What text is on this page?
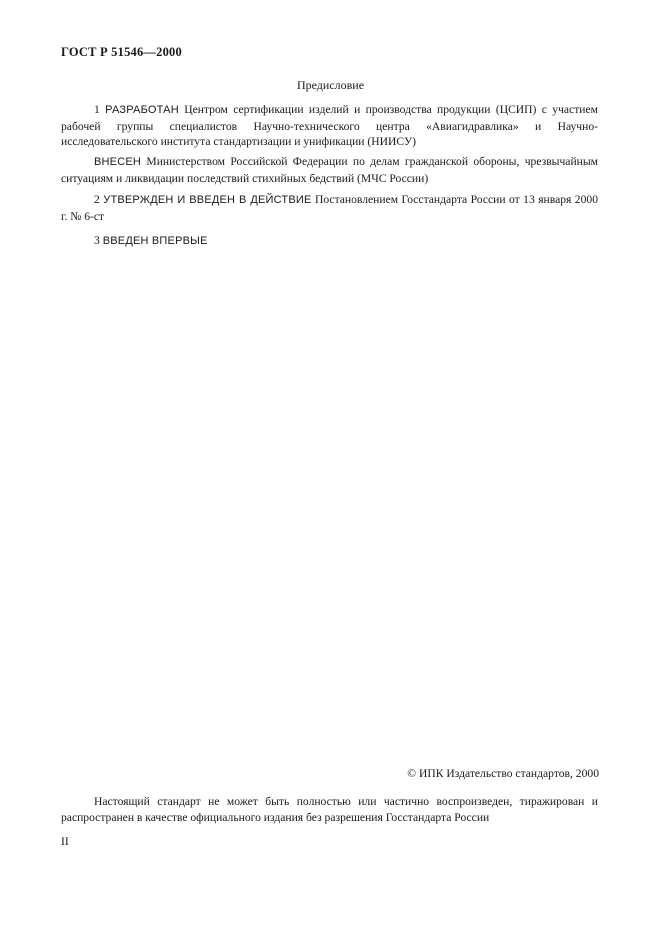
ГОСТ Р 51546—2000
Предисловие

1 РАЗРАБОТАН Центром сертификации изделий и производства продукции (ЦСИП) с участием рабочей группы специалистов Научно-технического центра «Авиагидравлика» и Научно-исследовательского института стандартизации и унификации (НИИСУ)

ВНЕСЕН Министерством Российской Федерации по делам гражданской обороны, чрезвычайным ситуациям и ликвидации последствий стихийных бедствий (МЧС России)

2 УТВЕРЖДЕН И ВВЕДЕН В ДЕЙСТВИЕ Постановлением Госстандарта России от 13 января 2000 г. № 6-ст

3 ВВЕДЕН ВПЕРВЫЕ

© ИПК Издательство стандартов, 2000

Настоящий стандарт не может быть полностью или частично воспроизведен, тиражирован и распространен в качестве официального издания без разрешения Госстандарта России

II
